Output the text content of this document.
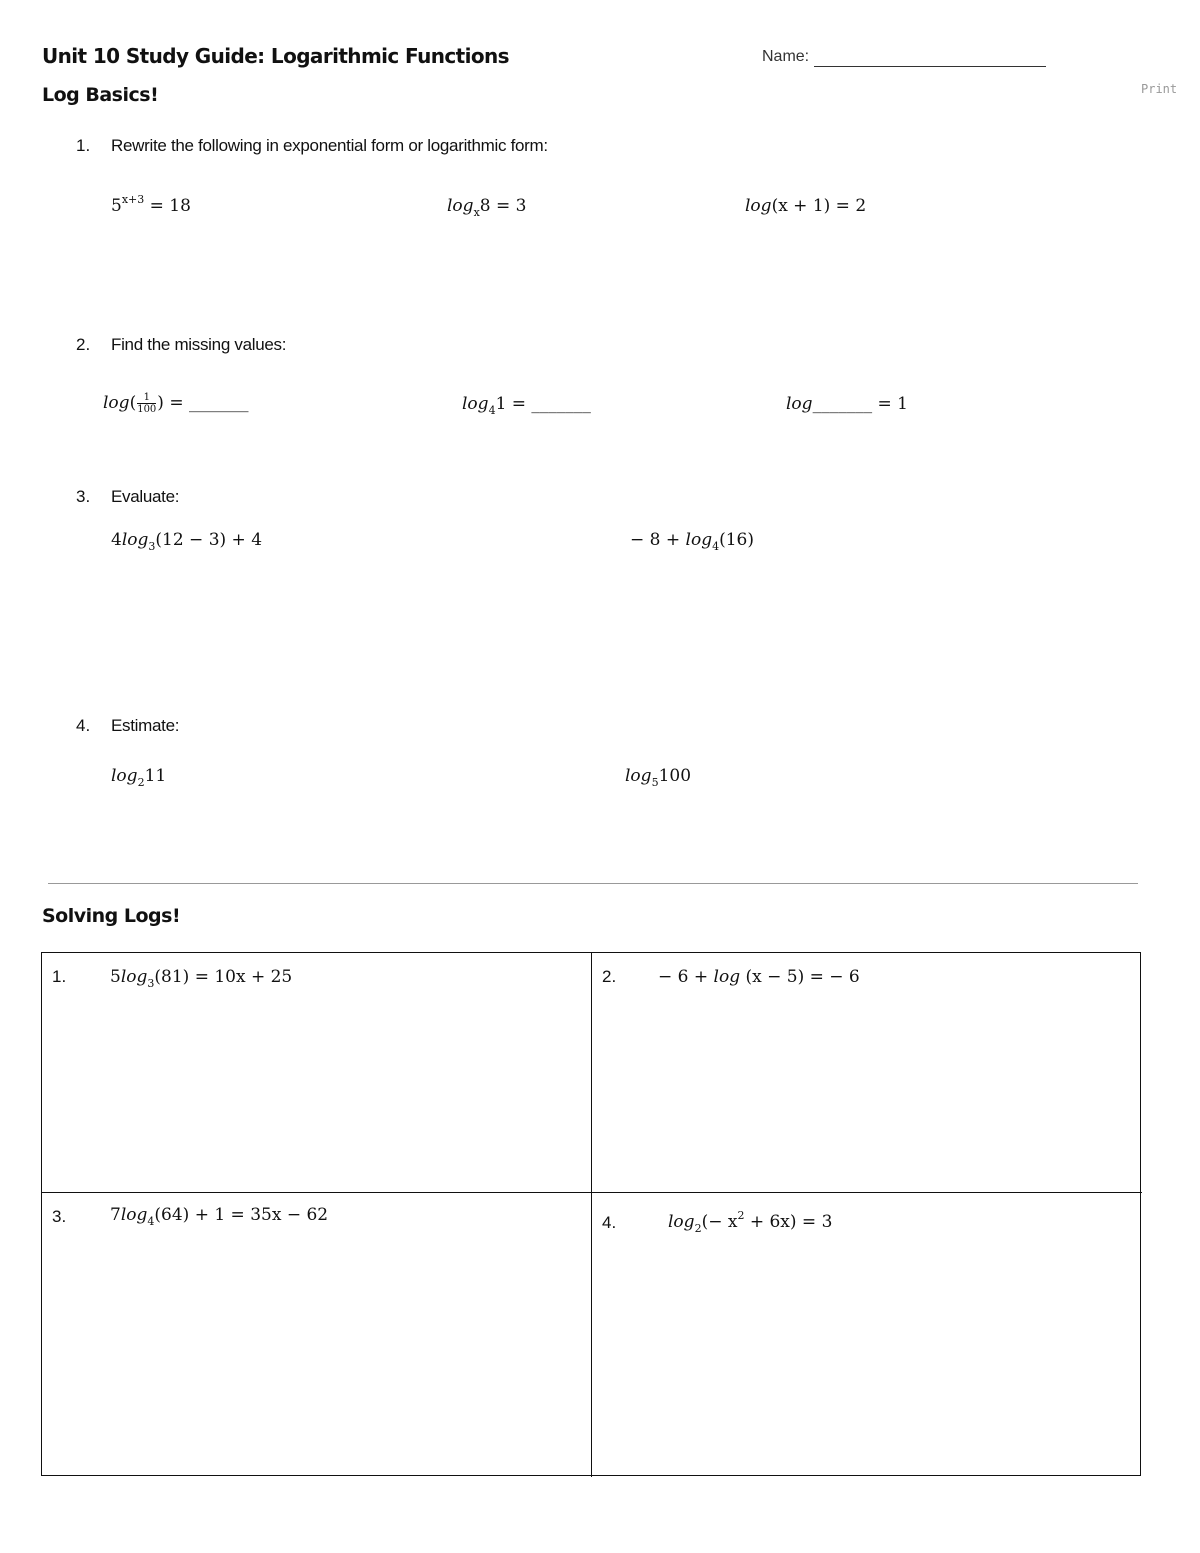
Unit 10 Study Guide: Logarithmic Functions	Name:
Print
Log Basics!
1. Rewrite the following in exponential form or logarithmic form:
$5^{x+3} = 18$	$\log_x8 = 3$	log(x + 1) = 2
2. Find the missing values:
$\log( \frac{1}{100}$ ) = _______	$\log_41$ = _______	log_______ = 1
3. Evaluate:
$4\log_3(12 - 3) + 4$	− $8 + \log_4(16)$
4. Estimate:
$\log_211$	$\log_5100$
Solving Logs!
1.	$5\log_3(81) = 10x + 25$	2. − 6 + log (x − 5) = − 6
3.	$7\log_4(64) + 1 = 35x - 62$	4.	$\log_2(- x^2 + 6x) = 3$
